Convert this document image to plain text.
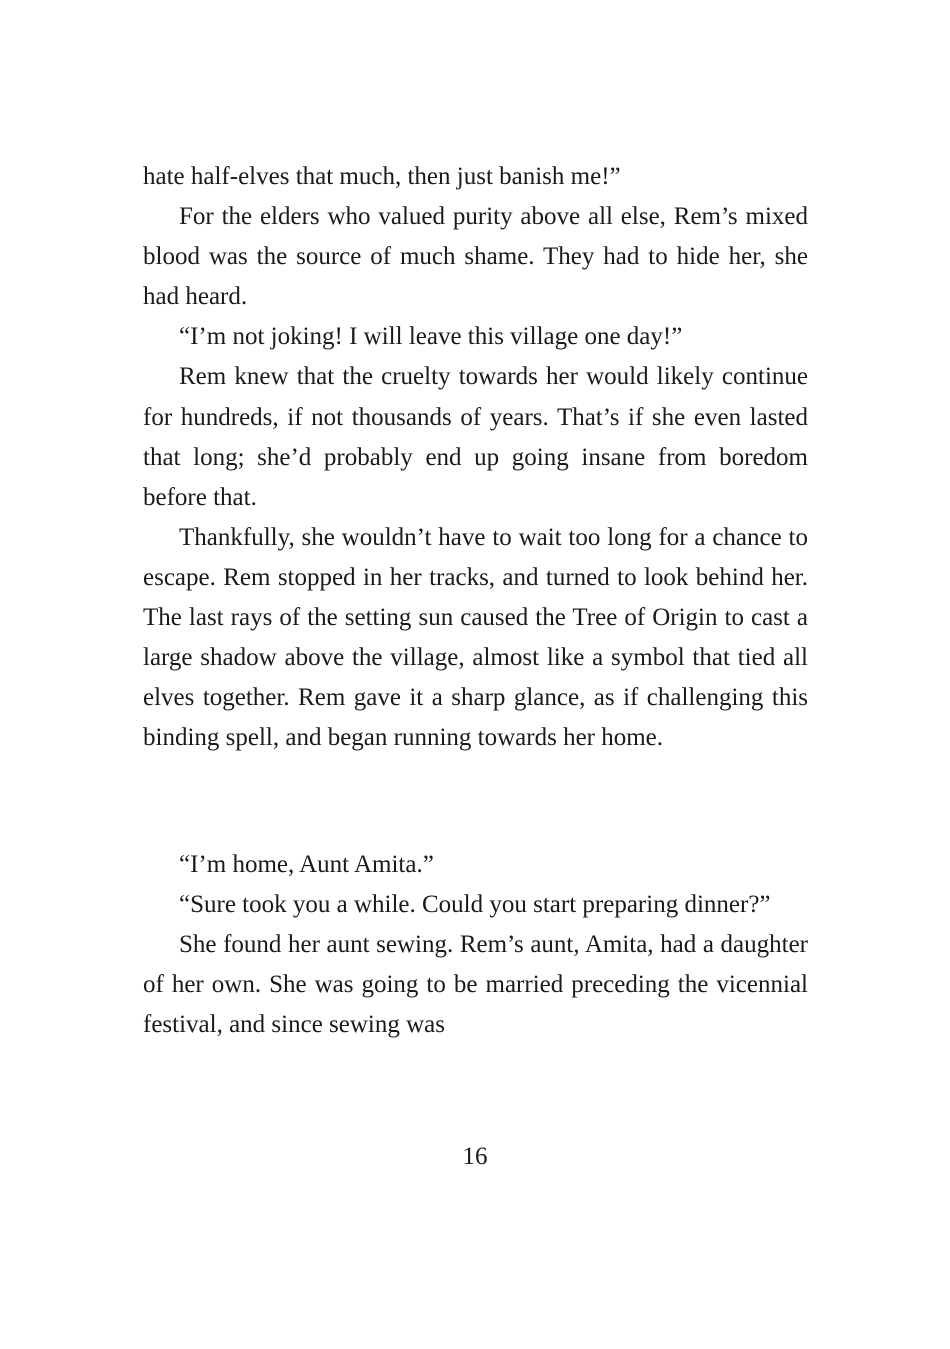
hate half-elves that much, then just banish me!”

For the elders who valued purity above all else, Rem’s mixed blood was the source of much shame. They had to hide her, she had heard.

“I’m not joking! I will leave this village one day!”

Rem knew that the cruelty towards her would likely continue for hundreds, if not thousands of years. That’s if she even lasted that long; she’d probably end up going insane from boredom before that.

Thankfully, she wouldn’t have to wait too long for a chance to escape. Rem stopped in her tracks, and turned to look behind her. The last rays of the setting sun caused the Tree of Origin to cast a large shadow above the village, almost like a symbol that tied all elves together. Rem gave it a sharp glance, as if challenging this binding spell, and began running towards her home.

“I’m home, Aunt Amita.”

“Sure took you a while. Could you start preparing dinner?”

She found her aunt sewing. Rem’s aunt, Amita, had a daughter of her own. She was going to be married preceding the vicennial festival, and since sewing was

16
